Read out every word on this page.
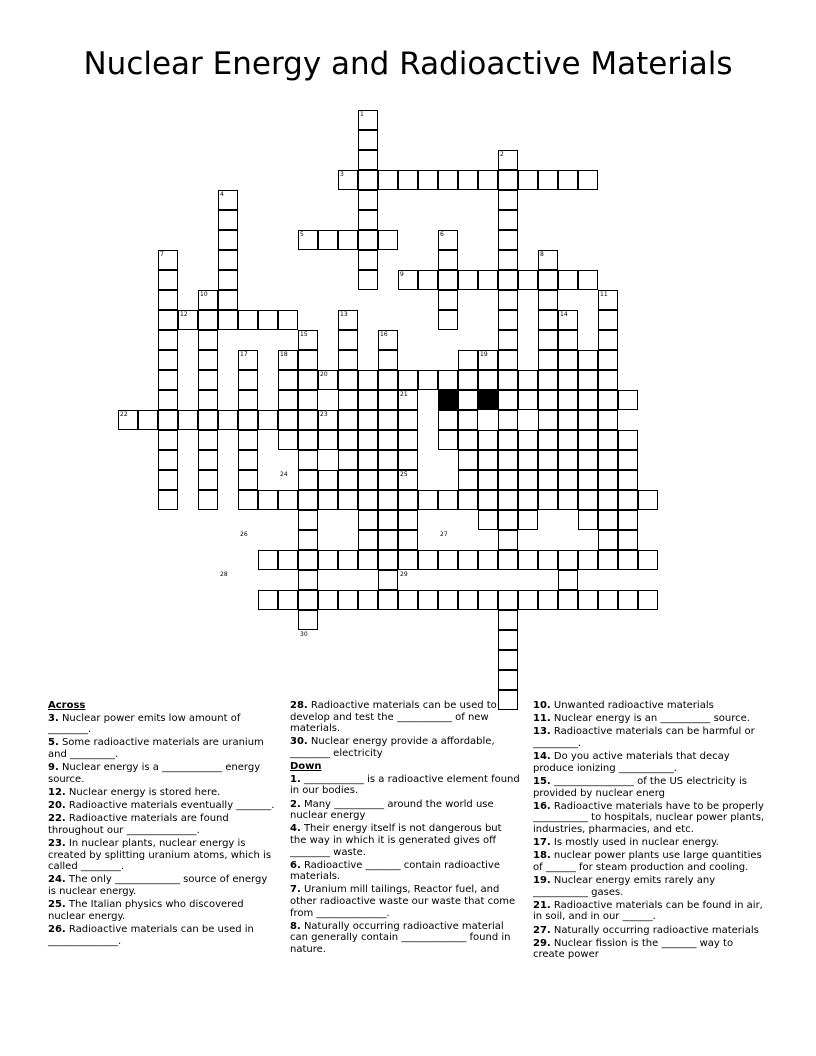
Nuclear Energy and Radioactive Materials
1
2
3
4
5	6
7	8
9
10	11
12	13	14
15	16
17	18	19
20
21
22	23
24	25
26	27
28	29
30
Across
3. Nuclear power emits low amount of ________.
5. Some radioactive materials are uranium and _________.
9. Nuclear energy is a ____________ energy source.
12. Nuclear energy is stored here.
20. Radioactive materials eventually _______.
22. Radioactive materials are found throughout our ______________.
23. In nuclear plants, nuclear energy is created by splitting uranium atoms, which is called ________.
24. The only _____________ source of energy is nuclear energy.
25. The Italian physics who discovered nuclear energy.
26. Radioactive materials can be used in ______________.
28. Radioactive materials can be used to develop and test the ___________ of new materials.
30. Nuclear energy provide a affordable, ________ electricity
Down
1. ____________ is a radioactive element found in our bodies.
2. Many __________ around the world use nuclear energy
4. Their energy itself is not dangerous but the way in which it is generated gives off ________ waste.
6. Radioactive _______ contain radioactive materials.
7. Uranium mill tailings, Reactor fuel, and other radioactive waste our waste that come from ______________.
8. Naturally occurring radioactive material can generally contain _____________ found in nature.
10. Unwanted radioactive materials
11. Nuclear energy is an __________ source.
13. Radioactive materials can be harmful or _________.
14. Do you active materials that decay produce ionizing ___________.
15. ________________ of the US electricity is provided by nuclear energ
16. Radioactive materials have to be properly ___________ to hospitals, nuclear power plants, industries, pharmacies, and etc.
17. Is mostly used in nuclear energy.
18. nuclear power plants use large quantities of ______ for steam production and cooling.
19. Nuclear energy emits rarely any ___________ gases.
21. Radioactive materials can be found in air, in soil, and in our ______.
27. Naturally occurring radioactive materials
29. Nuclear fission is the _______ way to create power
